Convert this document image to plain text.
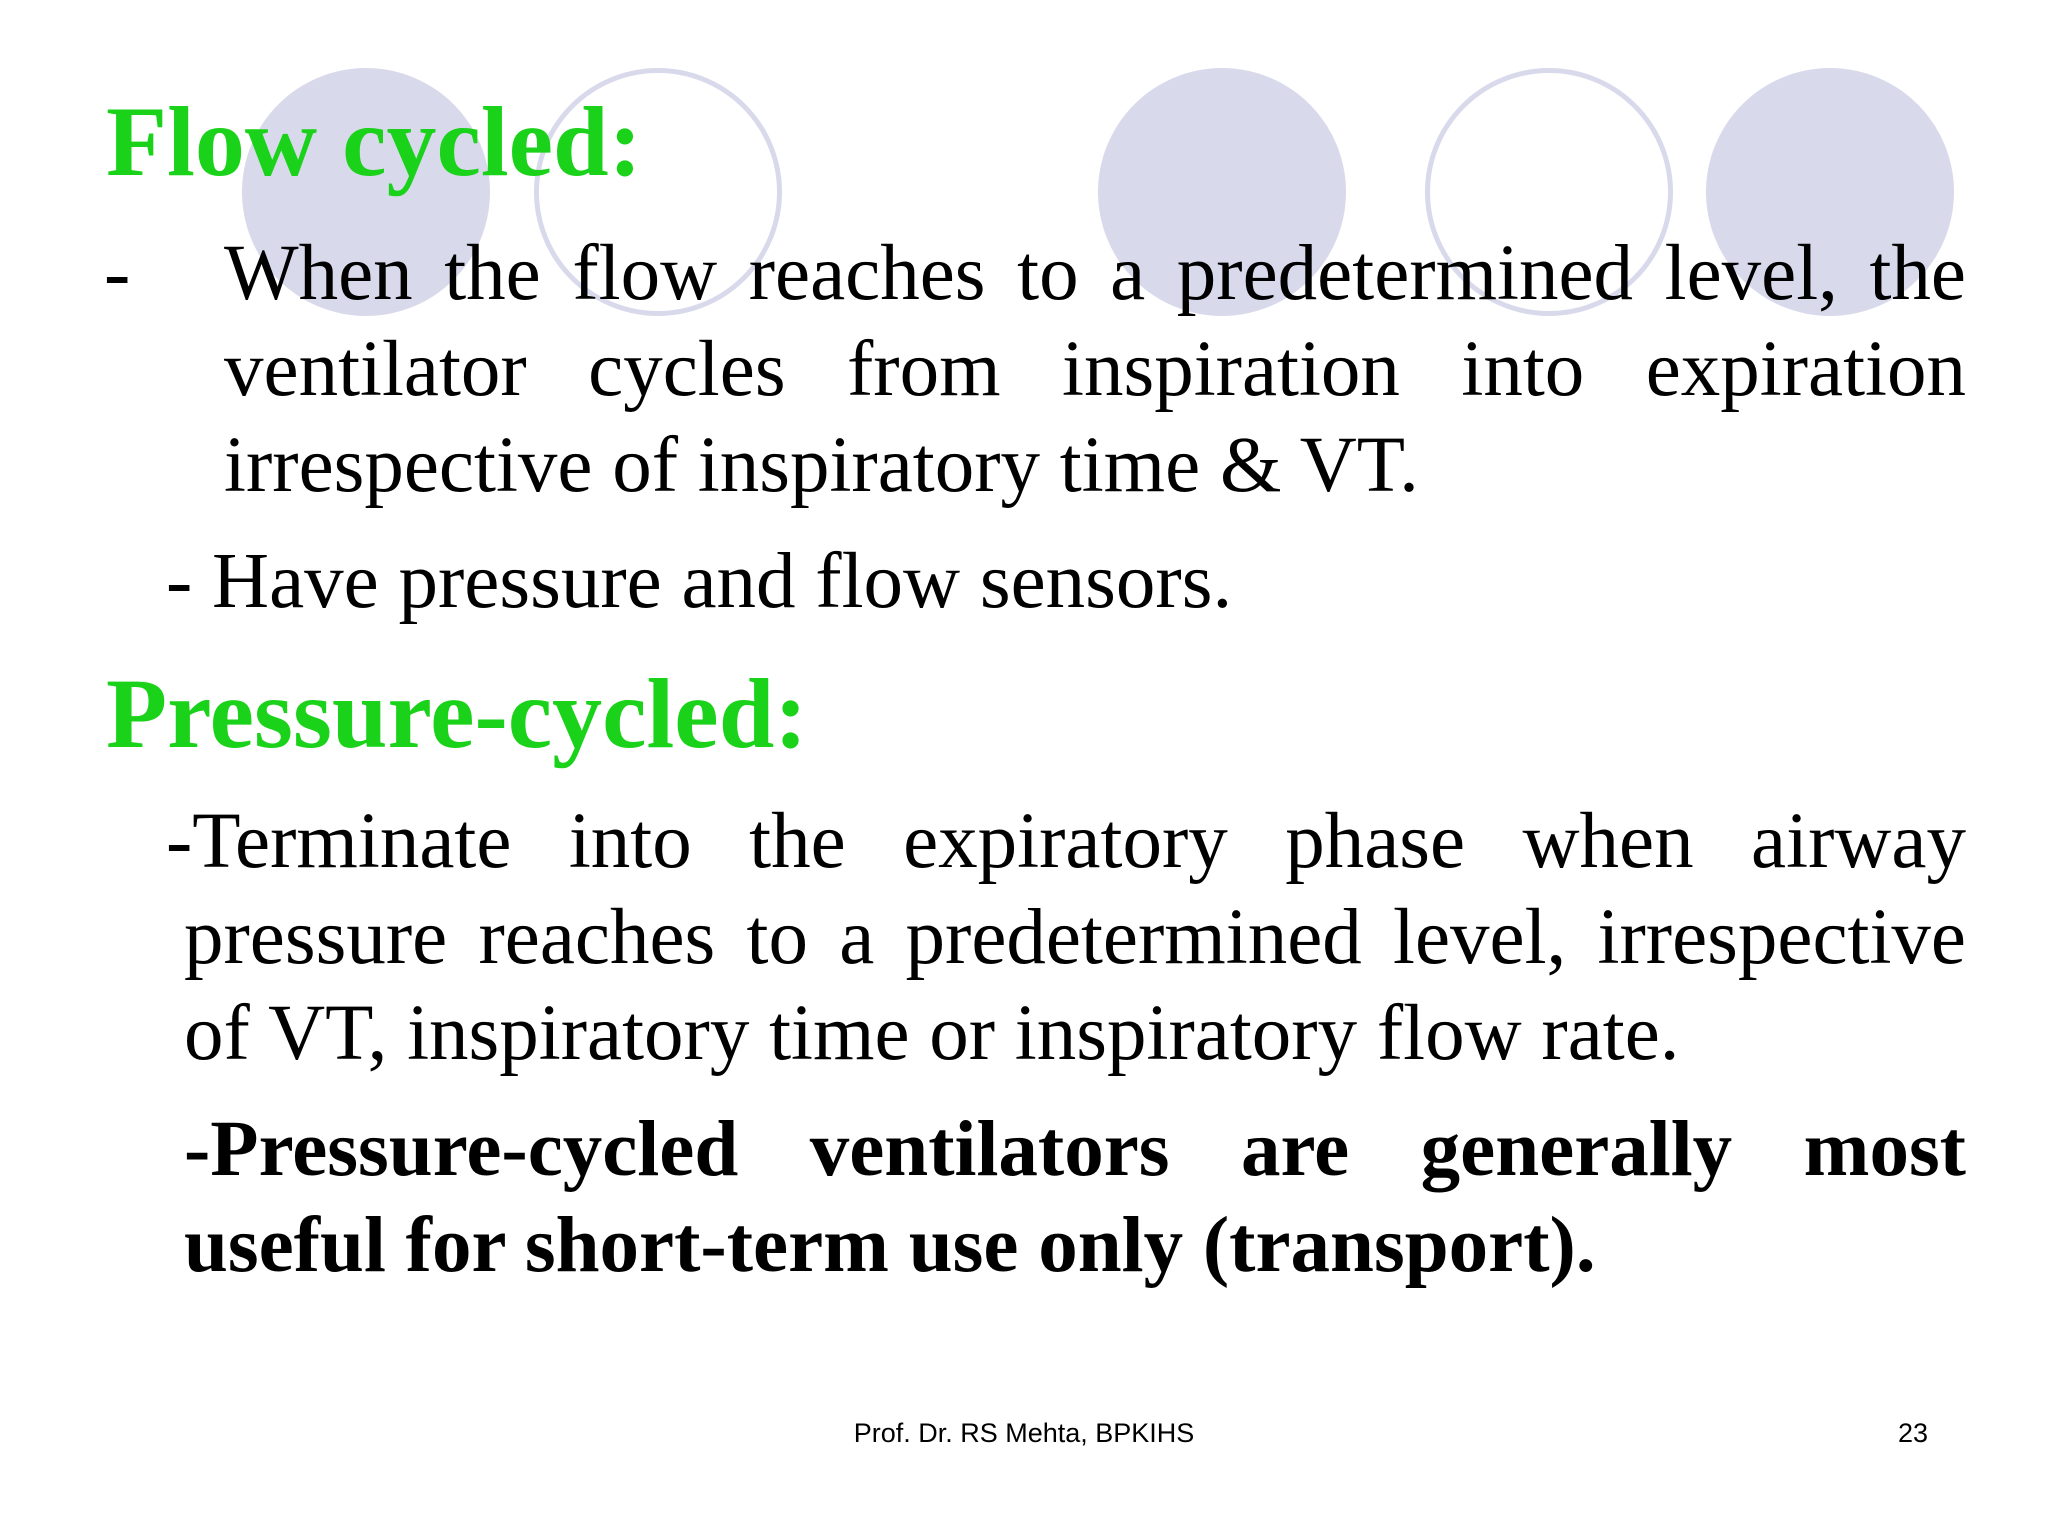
Flow cycled:

- When the flow reaches to a predetermined level, the
ventilator cycles from inspiration into expiration
irrespective of inspiratory time & VT.

- Have pressure and flow sensors.

Pressure-cycled:
-Terminate into the expiratory phase when airway
pressure reaches to a predetermined level, irrespective
of VT, inspiratory time or inspiratory flow rate.
-Pressure-cycled ventilators are generally most
useful for short-term use only (transport).

Prof. Dr. RS Mehta, BPKIHS	23
